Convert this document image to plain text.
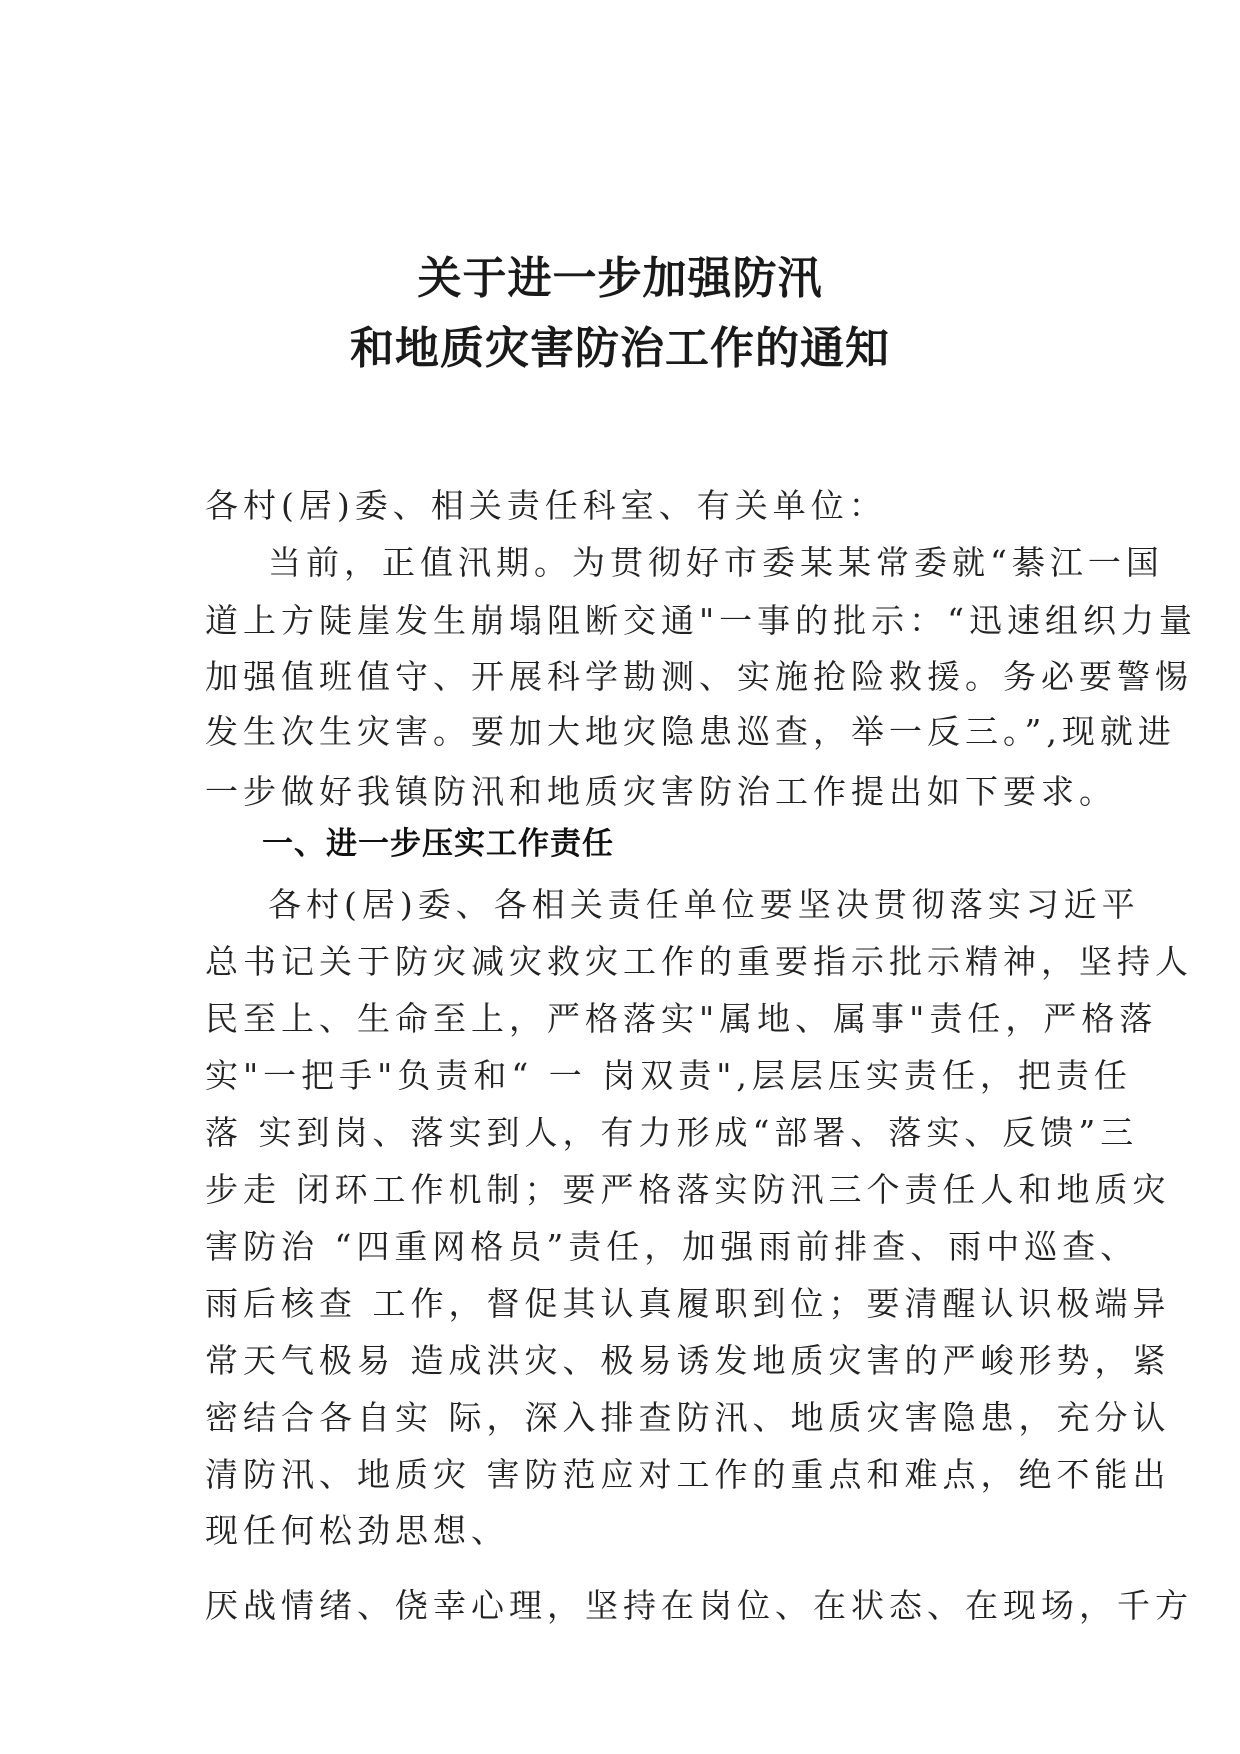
关于进一步加强防汛
和地质灾害防治工作的通知
各村(居)委、相关责任科室、有关单位：
当前，正值汛期。为贯彻好市委某某常委就“綦江一国
道上方陡崖发生崩塌阻断交通"一事的批示：“迅速组织力量
加强值班值守、开展科学勘测、实施抢险救援。务必要警惕
发生次生灾害。要加大地灾隐患巡查，举一反三。”,现就进
一步做好我镇防汛和地质灾害防治工作提出如下要求。
一、进一步压实工作责任
各村(居)委、各相关责任单位要坚决贯彻落实习近平
总书记关于防灾减灾救灾工作的重要指示批示精神，坚持人
民至上、生命至上，严格落实"属地、属事"责任，严格落
实"一把手"负责和“ 一 岗双责",层层压实责任，把责任
落 实到岗、落实到人，有力形成“部署、落实、反馈”三
步走 闭环工作机制；要严格落实防汛三个责任人和地质灾
害防治 “四重网格员”责任，加强雨前排查、雨中巡查、
雨后核查 工作，督促其认真履职到位；要清醒认识极端异
常天气极易 造成洪灾、极易诱发地质灾害的严峻形势，紧
密结合各自实 际，深入排查防汛、地质灾害隐患，充分认
清防汛、地质灾 害防范应对工作的重点和难点，绝不能出
现任何松劲思想、
厌战情绪、侥幸心理，坚持在岗位、在状态、在现场，千方
